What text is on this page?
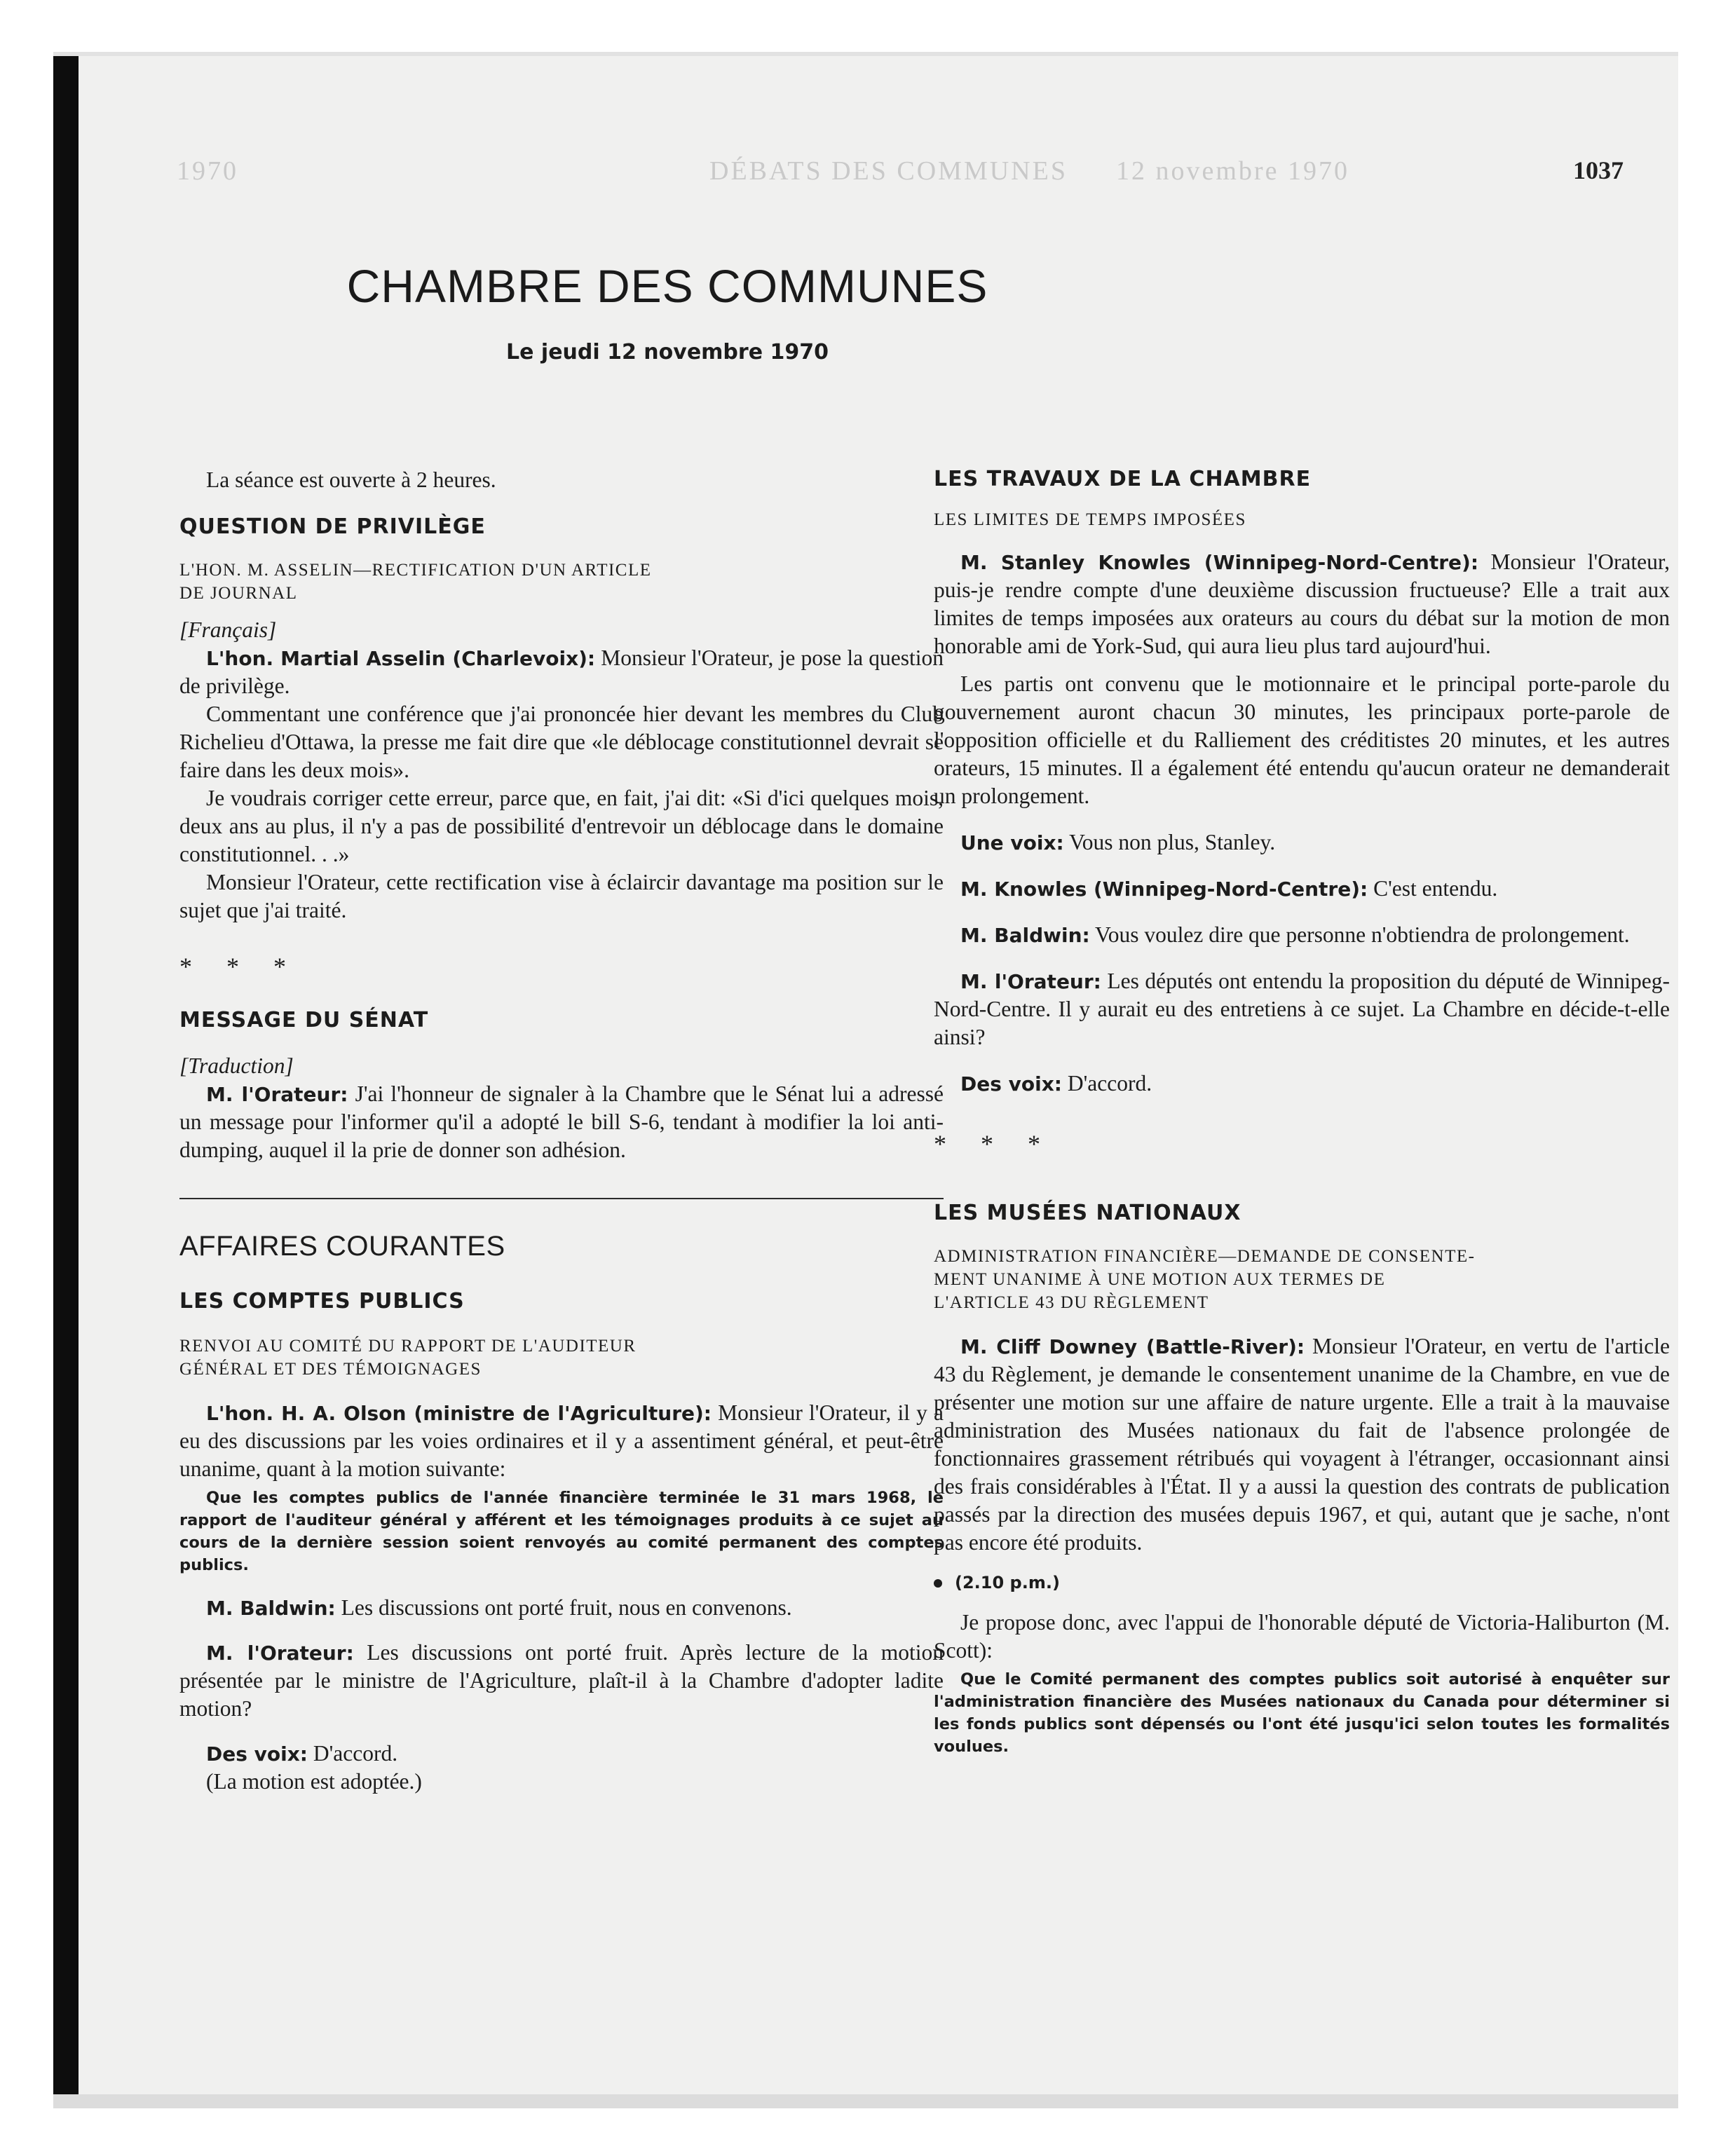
1970	DÉBATS DES COMMUNES 12 novembre 1970	1037
CHAMBRE DES COMMUNES
Le jeudi 12 novembre 1970

La séance est ouverte à 2 heures.

QUESTION DE PRIVILÈGE

L'HON. M. ASSELIN—RECTIFICATION D'UN ARTICLE

DE JOURNAL

[Français]

L'hon. Martial Asselin (Charlevoix): Monsieur l'Orateur, je pose la question de privilège.

Commentant une conférence que j'ai prononcée hier devant les membres du Club Richelieu d'Ottawa, la presse me fait dire que «le déblocage constitutionnel devrait se faire dans les deux mois».

Je voudrais corriger cette erreur, parce que, en fait, j'ai dit: «Si d'ici quelques mois, deux ans au plus, il n'y a pas de possibilité d'entrevoir un déblocage dans le domaine constitutionnel. . .»

Monsieur l'Orateur, cette rectification vise à éclaircir davantage ma position sur le sujet que j'ai traité.

* * *

MESSAGE DU SÉNAT

[Traduction]

M. l'Orateur: J'ai l'honneur de signaler à la Chambre que le Sénat lui a adressé un message pour l'informer qu'il a adopté le bill S-6, tendant à modifier la loi anti-dumping, auquel il la prie de donner son adhésion.

AFFAIRES COURANTES

LES COMPTES PUBLICS

RENVOI AU COMITÉ DU RAPPORT DE L'AUDITEUR

GÉNÉRAL ET DES TÉMOIGNAGES

L'hon. H. A. Olson (ministre de l'Agriculture): Monsieur l'Orateur, il y a eu des discussions par les voies ordinaires et il y a assentiment général, et peut-être unanime, quant à la motion suivante:

Que les comptes publics de l'année financière terminée le 31 mars 1968, le rapport de l'auditeur général y afférent et les témoignages produits à ce sujet au cours de la dernière session soient renvoyés au comité permanent des comptes publics.

M. Baldwin: Les discussions ont porté fruit, nous en convenons.

M. l'Orateur: Les discussions ont porté fruit. Après lecture de la motion présentée par le ministre de l'Agriculture, plaît-il à la Chambre d'adopter ladite motion?

Des voix: D'accord.

(La motion est adoptée.)

LES TRAVAUX DE LA CHAMBRE

LES LIMITES DE TEMPS IMPOSÉES

M. Stanley Knowles (Winnipeg-Nord-Centre): Monsieur l'Orateur, puis-je rendre compte d'une deuxième discussion fructueuse? Elle a trait aux limites de temps imposées aux orateurs au cours du débat sur la motion de mon honorable ami de York-Sud, qui aura lieu plus tard aujourd'hui.

Les partis ont convenu que le motionnaire et le principal porte-parole du gouvernement auront chacun 30 minutes, les principaux porte-parole de l'opposition officielle et du Ralliement des créditistes 20 minutes, et les autres orateurs, 15 minutes. Il a également été entendu qu'aucun orateur ne demanderait un prolongement.

Une voix: Vous non plus, Stanley.

M. Knowles (Winnipeg-Nord-Centre): C'est entendu.

M. Baldwin: Vous voulez dire que personne n'obtiendra de prolongement.

M. l'Orateur: Les députés ont entendu la proposition du député de Winnipeg-Nord-Centre. Il y aurait eu des entretiens à ce sujet. La Chambre en décide-t-elle ainsi?

Des voix: D'accord.

* * *

LES MUSÉES NATIONAUX

ADMINISTRATION FINANCIÈRE—DEMANDE DE CONSENTE-

MENT UNANIME À UNE MOTION AUX TERMES DE

L'ARTICLE 43 DU RÈGLEMENT

M. Cliff Downey (Battle-River): Monsieur l'Orateur, en vertu de l'article 43 du Règlement, je demande le consentement unanime de la Chambre, en vue de présenter une motion sur une affaire de nature urgente. Elle a trait à la mauvaise administration des Musées nationaux du fait de l'absence prolongée de fonctionnaires grassement rétribués qui voyagent à l'étranger, occasionnant ainsi des frais considérables à l'État. Il y a aussi la question des contrats de publication passés par la direction des musées depuis 1967, et qui, autant que je sache, n'ont pas encore été produits.

(2.10 p.m.)

Je propose donc, avec l'appui de l'honorable député de Victoria-Haliburton (M. Scott):

Que le Comité permanent des comptes publics soit autorisé à enquêter sur l'administration financière des Musées nationaux du Canada pour déterminer si les fonds publics sont dépensés ou l'ont été jusqu'ici selon toutes les formalités voulues.
